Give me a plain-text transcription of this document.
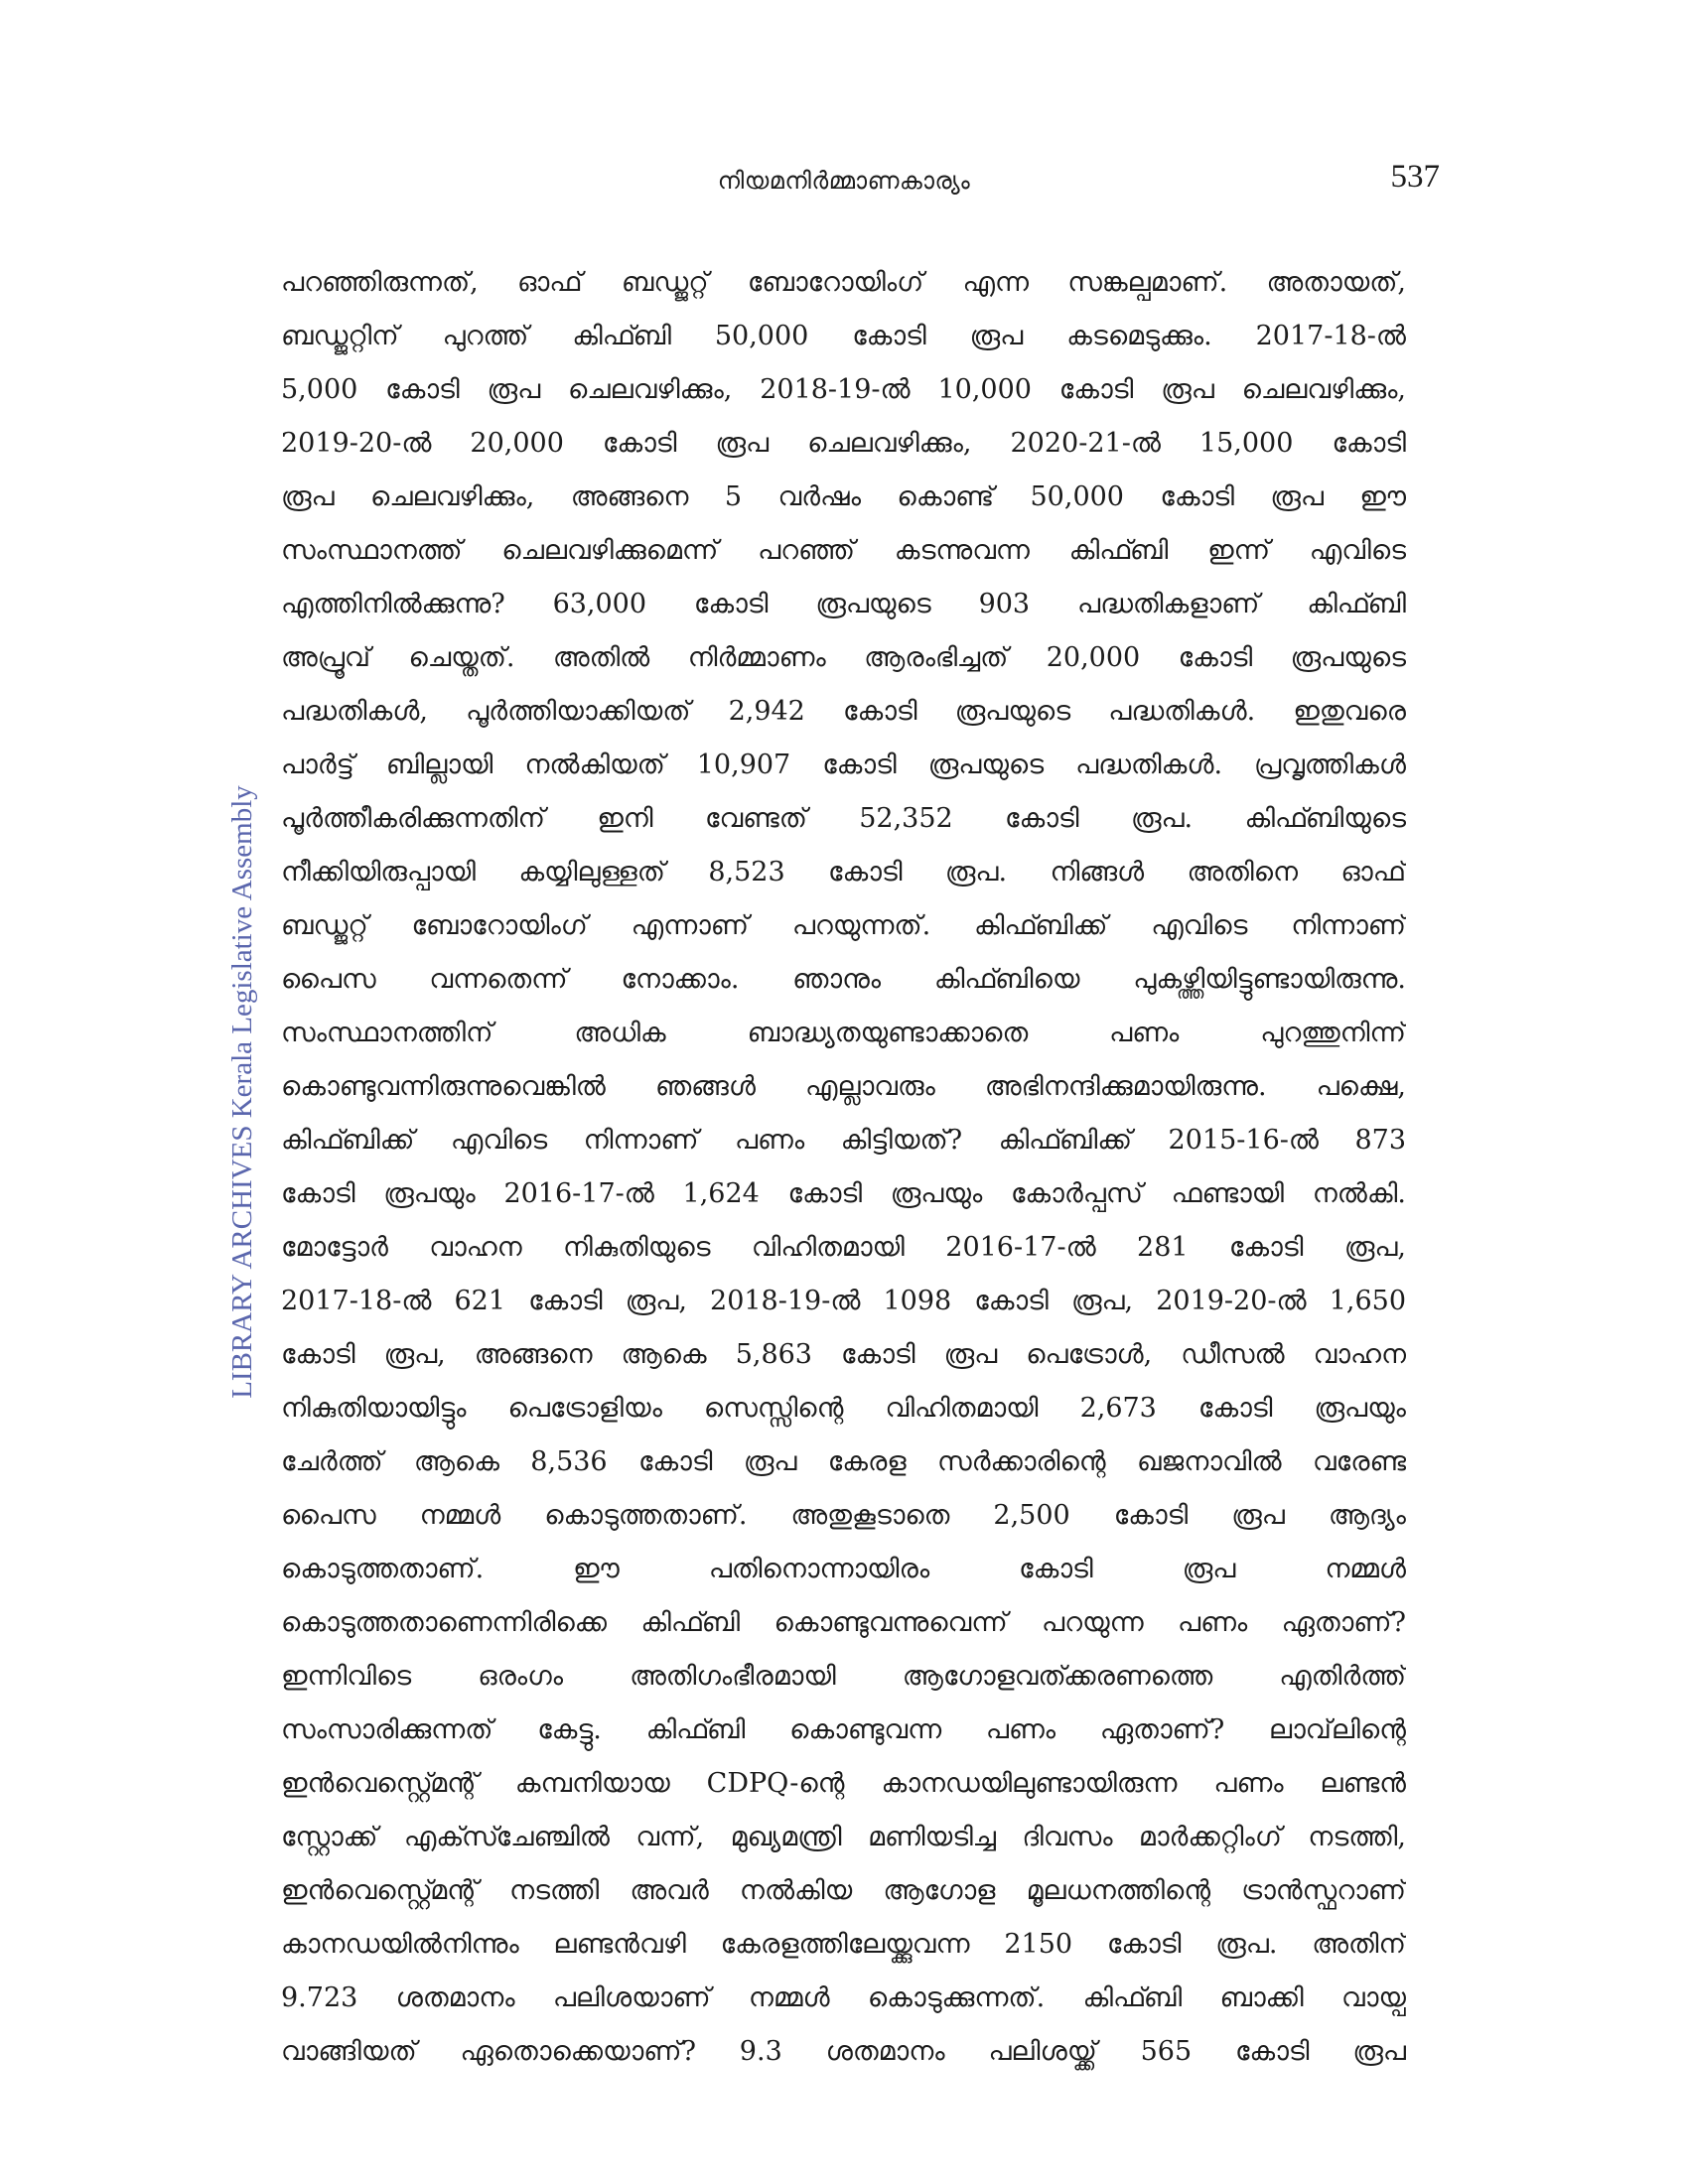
നിയമനിർമ്മാണകാര്യം	537
LIBRARY ARCHIVES Kerala Legislative Assembly
പറഞ്ഞിരുന്നത്, ഓഫ് ബഡ്ജറ്റ് ബോറോയിംഗ് എന്ന സങ്കല്പമാണ്. അതായത്,
ബഡ്ജറ്റിന് പുറത്ത് കിഫ്ബി 50,000 കോടി രൂപ കടമെടുക്കും. 2017-18-ൽ
5,000 കോടി രൂപ ചെലവഴിക്കും, 2018-19-ൽ 10,000 കോടി രൂപ ചെലവഴിക്കും,
2019-20-ൽ 20,000 കോടി രൂപ ചെലവഴിക്കും, 2020-21-ൽ 15,000 കോടി
രൂപ ചെലവഴിക്കും, അങ്ങനെ 5 വർഷം കൊണ്ട് 50,000 കോടി രൂപ ഈ
സംസ്ഥാനത്ത് ചെലവഴിക്കുമെന്ന് പറഞ്ഞ് കടന്നുവന്ന കിഫ്ബി ഇന്ന് എവിടെ
എത്തിനിൽക്കുന്നു? 63,000 കോടി രൂപയുടെ 903 പദ്ധതികളാണ് കിഫ്ബി
അപ്രൂവ് ചെയ്തത്. അതിൽ നിർമ്മാണം ആരംഭിച്ചത് 20,000 കോടി രൂപയുടെ
പദ്ധതികൾ, പൂർത്തിയാക്കിയത് 2,942 കോടി രൂപയുടെ പദ്ധതികൾ. ഇതുവരെ
പാർട്ട് ബില്ലായി നൽകിയത് 10,907 കോടി രൂപയുടെ പദ്ധതികൾ. പ്രവൃത്തികൾ
പൂർത്തീകരിക്കുന്നതിന് ഇനി വേണ്ടത് 52,352 കോടി രൂപ. കിഫ്ബിയുടെ
നീക്കിയിരുപ്പായി കയ്യിലുള്ളത് 8,523 കോടി രൂപ. നിങ്ങൾ അതിനെ ഓഫ്
ബഡ്ജറ്റ് ബോറോയിംഗ് എന്നാണ് പറയുന്നത്. കിഫ്ബിക്ക് എവിടെ നിന്നാണ്
പൈസ വന്നതെന്ന് നോക്കാം. ഞാനും കിഫ്ബിയെ പുകഴ്ത്തിയിട്ടുണ്ടായിരുന്നു.
സംസ്ഥാനത്തിന് അധിക ബാദ്ധ്യതയുണ്ടാക്കാതെ പണം പുറത്തുനിന്ന്
കൊണ്ടുവന്നിരുന്നുവെങ്കിൽ ഞങ്ങൾ എല്ലാവരും അഭിനന്ദിക്കുമായിരുന്നു. പക്ഷെ,
കിഫ്ബിക്ക് എവിടെ നിന്നാണ് പണം കിട്ടിയത്? കിഫ്ബിക്ക് 2015-16-ൽ 873
കോടി രൂപയും 2016-17-ൽ 1,624 കോടി രൂപയും കോർപ്പസ് ഫണ്ടായി നൽകി.
മോട്ടോർ വാഹന നികുതിയുടെ വിഹിതമായി 2016-17-ൽ 281 കോടി രൂപ,
2017-18-ൽ 621 കോടി രൂപ, 2018-19-ൽ 1098 കോടി രൂപ, 2019-20-ൽ 1,650
കോടി രൂപ, അങ്ങനെ ആകെ 5,863 കോടി രൂപ പെട്രോൾ, ഡീസൽ വാഹന
നികുതിയായിട്ടും പെട്രോളിയം സെസ്സിന്റെ വിഹിതമായി 2,673 കോടി രൂപയും
ചേർത്ത് ആകെ 8,536 കോടി രൂപ കേരള സർക്കാരിന്റെ ഖജനാവിൽ വരേണ്ട
പൈസ നമ്മൾ കൊടുത്തതാണ്. അതുകൂടാതെ 2,500 കോടി രൂപ ആദ്യം
കൊടുത്തതാണ്. ഈ പതിനൊന്നായിരം കോടി രൂപ നമ്മൾ
കൊടുത്തതാണെന്നിരിക്കെ കിഫ്ബി കൊണ്ടുവന്നുവെന്ന് പറയുന്ന പണം ഏതാണ്?
ഇന്നിവിടെ ഒരംഗം അതിഗംഭീരമായി ആഗോളവത്ക്കരണത്തെ എതിർത്ത്
സംസാരിക്കുന്നത് കേട്ടു. കിഫ്ബി കൊണ്ടുവന്ന പണം ഏതാണ്? ലാവ്‌ലിന്റെ
ഇൻവെസ്റ്റ്മെന്റ് കമ്പനിയായ CDPQ-ന്റെ കാനഡയിലുണ്ടായിരുന്ന പണം ലണ്ടൻ
സ്റ്റോക്ക് എക്സ്ചേഞ്ചിൽ വന്ന്, മുഖ്യമന്ത്രി മണിയടിച്ച ദിവസം മാർക്കറ്റിംഗ് നടത്തി,
ഇൻവെസ്റ്റ്മെന്റ് നടത്തി അവർ നൽകിയ ആഗോള മൂലധനത്തിന്റെ ട്രാൻസ്ഫറാണ്
കാനഡയിൽനിന്നും ലണ്ടൻവഴി കേരളത്തിലേയ്ക്കുവന്ന 2150 കോടി രൂപ. അതിന്
9.723 ശതമാനം പലിശയാണ് നമ്മൾ കൊടുക്കുന്നത്. കിഫ്ബി ബാക്കി വായ്പ
വാങ്ങിയത് ഏതൊക്കെയാണ്? 9.3 ശതമാനം പലിശയ്ക്ക് 565 കോടി രൂപ
